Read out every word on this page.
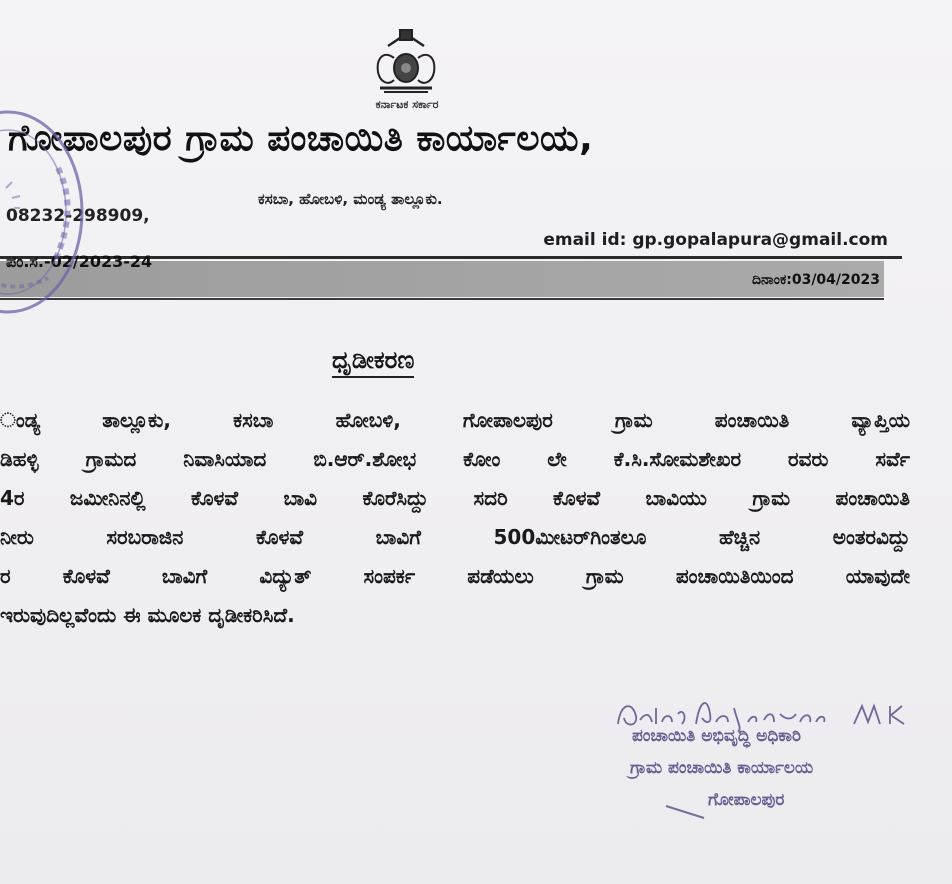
ಕರ್ನಾಟಕ ಸರ್ಕಾರ
ಗೋಪಾಲಪುರ ಗ್ರಾಮ ಪಂಚಾಯಿತಿ ಕಾರ್ಯಾಲಯ,
ಕಸಬಾ, ಹೋಬಳಿ, ಮಂಡ್ಯ ತಾಲ್ಲೂಕು.
08232-298909,
email id: gp.gopalapura@gmail.com
ಪಂ.ಸ.-02/2023-24
ದಿನಾಂಕ:03/04/2023
ಧೃಡೀಕರಣ
ಂಡ್ಯ ತಾಲ್ಲೂಕು, ಕಸಬಾ ಹೋಬಳಿ, ಗೋಪಾಲಪುರ ಗ್ರಾಮ ಪಂಚಾಯಿತಿ ವ್ಯಾಪ್ತಿಯ
ಡಿಹಳ್ಳಿ ಗ್ರಾಮದ ನಿವಾಸಿಯಾದ ಬಿ.ಆರ್.ಶೋಭ ಕೋಂ ಲೇ ಕೆ.ಸಿ.ಸೋಮಶೇಖರ ರವರು ಸರ್ವೆ
4ರ ಜಮೀನಿನಲ್ಲಿ ಕೊಳವೆ ಬಾವಿ ಕೊರೆಸಿದ್ದು ಸದರಿ ಕೊಳವೆ ಬಾವಿಯು ಗ್ರಾಮ ಪಂಚಾಯಿತಿ
ನೀರು ಸರಬರಾಜಿನ ಕೊಳವೆ ಬಾವಿಗೆ 500ಮೀಟರ್‌ಗಿಂತಲೂ ಹೆಚ್ಚಿನ ಅಂತರವಿದ್ದು
ರ ಕೊಳವೆ ಬಾವಿಗೆ ವಿದ್ಯುತ್ ಸಂಪರ್ಕ ಪಡೆಯಲು ಗ್ರಾಮ ಪಂಚಾಯಿತಿಯಿಂದ ಯಾವುದೇ
ಇರುವುದಿಲ್ಲವೆಂದು ಈ ಮೂಲಕ ದೃಡೀಕರಿಸಿದೆ.
ಪಂಚಾಯಿತಿ ಅಭಿವೃದ್ಧಿ ಅಧಿಕಾರಿ
ಗ್ರಾಮ ಪಂಚಾಯಿತಿ ಕಾರ್ಯಾಲಯ
ಗೋಪಾಲಪುರ
